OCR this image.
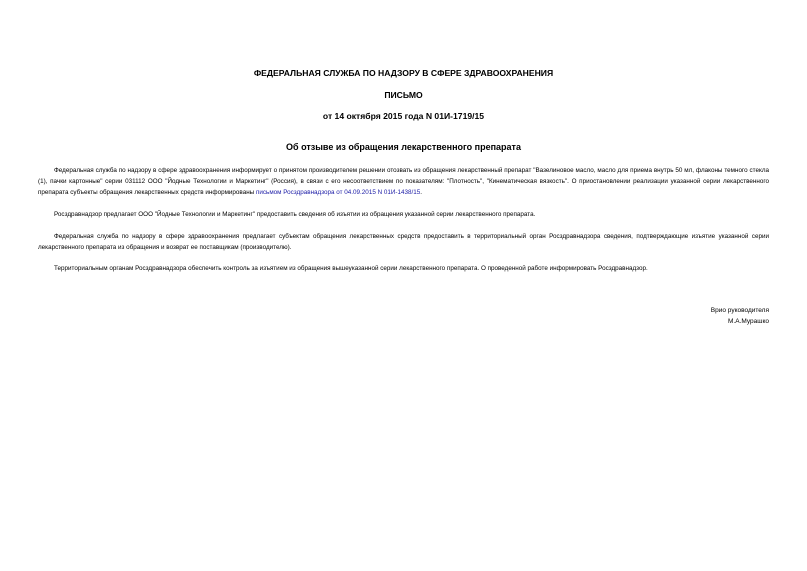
ФЕДЕРАЛЬНАЯ СЛУЖБА ПО НАДЗОРУ В СФЕРЕ ЗДРАВООХРАНЕНИЯ
ПИСЬМО
от 14 октября 2015 года N 01И-1719/15
Об отзыве из обращения лекарственного препарата

Федеральная служба по надзору в сфере здравоохранения информирует о принятом производителем решении отозвать из обращения лекарственный препарат "Вазелиновое масло, масло для приема внутрь 50 мл, флаконы темного стекла (1), пачки картонные" серии 031112 ООО "Йодные Технологии и Маркетинг" (Россия), в связи с его несоответствием по показателям: "Плотность", "Кинематическая вязкость". О приостановлении реализации указанной серии лекарственного препарата субъекты обращения лекарственных средств информированы письмом Росздравнадзора от 04.09.2015 N 01И-1438/15.

Росздравнадзор предлагает ООО "Йодные Технологии и Маркетинг" предоставить сведения об изъятии из обращения указанной серии лекарственного препарата.

Федеральная служба по надзору в сфере здравоохранения предлагает субъектам обращения лекарственных средств предоставить в территориальный орган Росздравнадзора сведения, подтверждающие изъятие указанной серии лекарственного препарата из обращения и возврат ее поставщикам (производителю).

Территориальным органам Росздравнадзора обеспечить контроль за изъятием из обращения вышеуказанной серии лекарственного препарата. О проведенной работе информировать Росздравнадзор.

Врио руководителя
М.А.Мурашко
